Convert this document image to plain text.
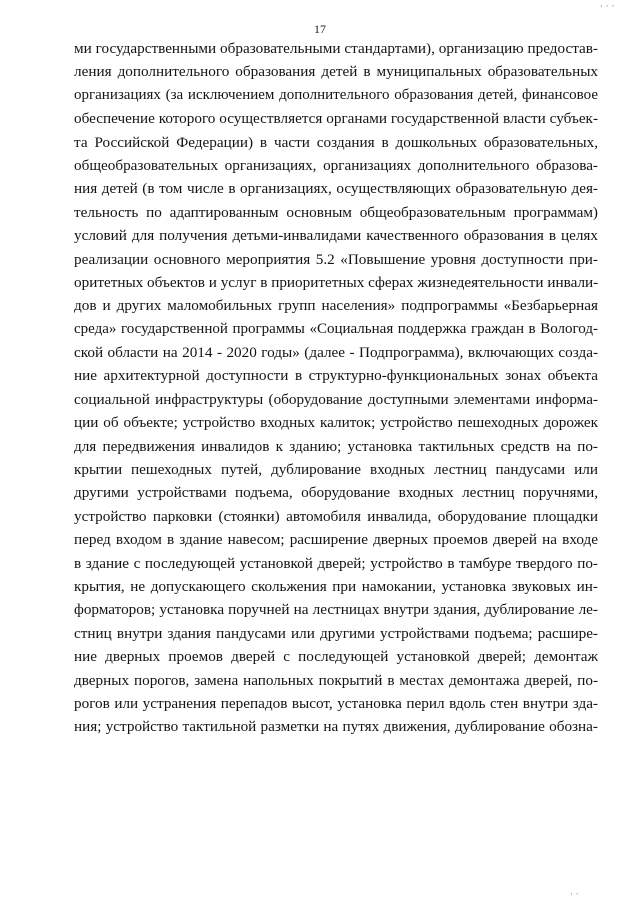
· · ·
17
ми государственными образовательными стандартами), организацию предостав-
ления дополнительного образования детей в муниципальных образовательных
организациях (за исключением дополнительного образования детей, финансовое
обеспечение которого осуществляется органами государственной власти субъек-
та Российской Федерации) в части создания в дошкольных образовательных,
общеобразовательных организациях, организациях дополнительного образова-
ния детей (в том числе в организациях, осуществляющих образовательную дея-
тельность по адаптированным основным общеобразовательным программам)
условий для получения детьми-инвалидами качественного образования в целях
реализации основного мероприятия 5.2 «Повышение уровня доступности при-
оритетных объектов и услуг в приоритетных сферах жизнедеятельности инвали-
дов и других маломобильных групп населения» подпрограммы «Безбарьерная
среда» государственной программы «Социальная поддержка граждан в Вологод-
ской области на 2014 - 2020 годы» (далее - Подпрограмма), включающих созда-
ние архитектурной доступности в структурно-функциональных зонах объекта
социальной инфраструктуры (оборудование доступными элементами информа-
ции об объекте; устройство входных калиток; устройство пешеходных дорожек
для передвижения инвалидов к зданию; установка тактильных средств на по-
крытии пешеходных путей, дублирование входных лестниц пандусами или
другими устройствами подъема, оборудование входных лестниц поручнями,
устройство парковки (стоянки) автомобиля инвалида, оборудование площадки
перед входом в здание навесом; расширение дверных проемов дверей на входе
в здание с последующей установкой дверей; устройство в тамбуре твердого по-
крытия, не допускающего скольжения при намокании, установка звуковых ин-
форматоров; установка поручней на лестницах внутри здания, дублирование ле-
стниц внутри здания пандусами или другими устройствами подъема; расшире-
ние дверных проемов дверей с последующей установкой дверей; демонтаж
дверных порогов, замена напольных покрытий в местах демонтажа дверей, по-
рогов или устранения перепадов высот, установка перил вдоль стен внутри зда-
ния; устройство тактильной разметки на путях движения, дублирование обозна-
· ·
